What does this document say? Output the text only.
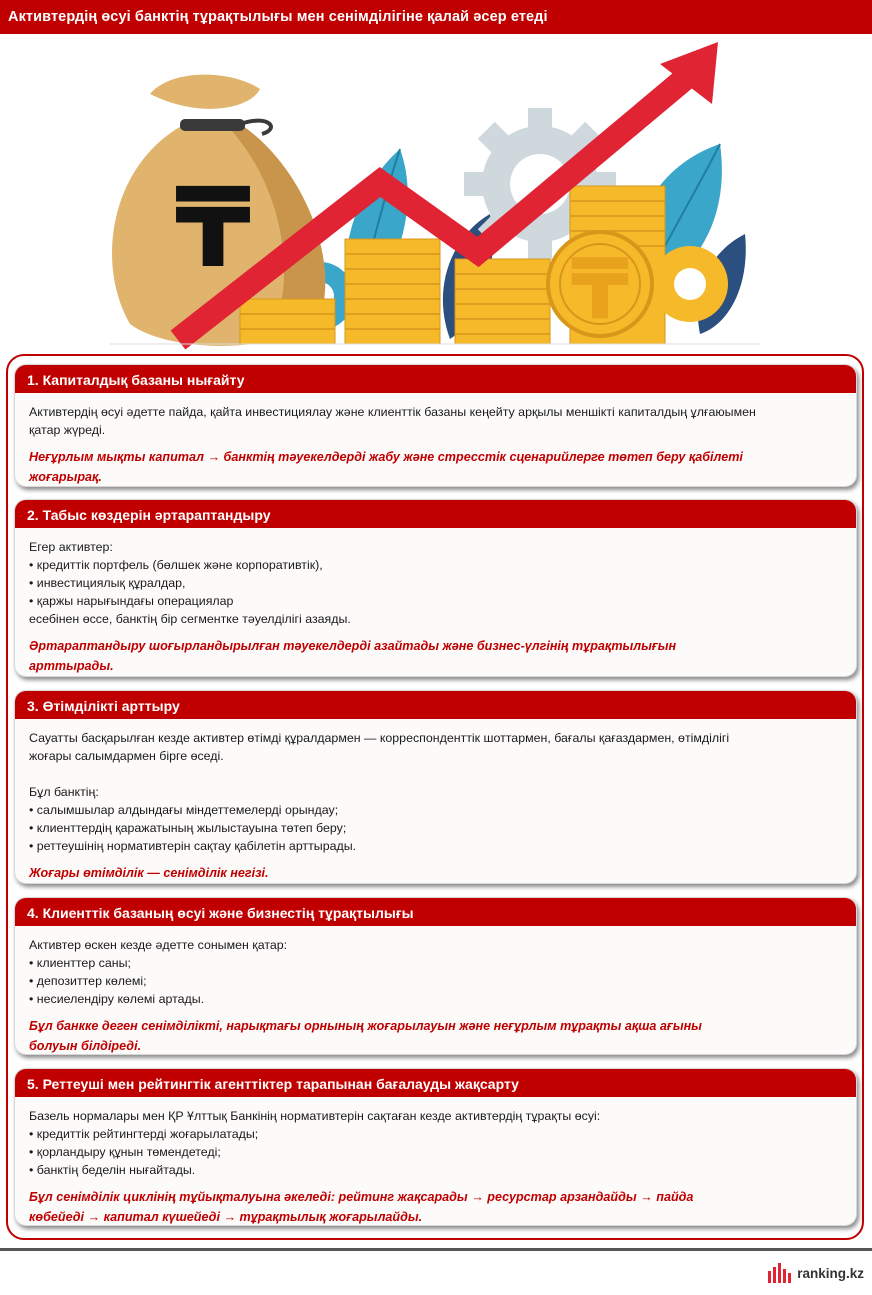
Активтердің өсуі банктің тұрақтылығы мен сенімділігіне қалай әсер етеді
₸	₸
1. Капиталдық базаны нығайту

Активтердің өсуі әдетте пайда, қайта инвестициялау және клиенттік базаны кеңейту арқылы меншікті капиталдың ұлғаюымен

қатар жүреді.

Неғұрлым мықты капитал → банктің тәуекелдерді жабу және стресстік сценарийлерге төтеп беру қабілеті

жоғарырақ.

2. Табыс көздерін әртараптандыру

Егер активтер:

• кредиттік портфель (бөлшек және корпоративтік),

• инвестициялық құралдар,

• қаржы нарығындағы операциялар

есебінен өссе, банктің бір сегментке тәуелділігі азаяды.

Әртараптандыру шоғырландырылған тәуекелдерді азайтады және бизнес-үлгінің тұрақтылығын

арттырады.

3. Өтімділікті арттыру

Сауатты басқарылған кезде активтер өтімді құралдармен — корреспонденттік шоттармен, бағалы қағаздармен, өтімділігі

жоғары салымдармен бірге өседі.

Бұл банктің:

• салымшылар алдындағы міндеттемелерді орындау;

• клиенттердің қаражатының жылыстауына төтеп беру;

• реттеушінің нормативтерін сақтау қабілетін арттырады.

Жоғары өтімділік — сенімділік негізі.

4. Клиенттік базаның өсуі және бизнестің тұрақтылығы

Активтер өскен кезде әдетте сонымен қатар:

• клиенттер саны;

• депозиттер көлемі;

• несиелендіру көлемі артады.

Бұл банкке деген сенімділікті, нарықтағы орнының жоғарылауын және неғұрлым тұрақты ақша ағыны

болуын білдіреді.

5. Реттеуші мен рейтингтік агенттіктер тарапынан бағалауды жақсарту

Базель нормалары мен ҚР Ұлттық Банкінің нормативтерін сақтаған кезде активтердің тұрақты өсуі:

• кредиттік рейтингтерді жоғарылатады;

• қорландыру құнын төмендетеді;

• банктің беделін нығайтады.

Бұл сенімділік циклінің тұйықталуына әкеледі: рейтинг жақсарады → ресурстар арзандайды → пайда

көбейеді → капитал күшейеді → тұрақтылық жоғарылайды.

ranking.kz
